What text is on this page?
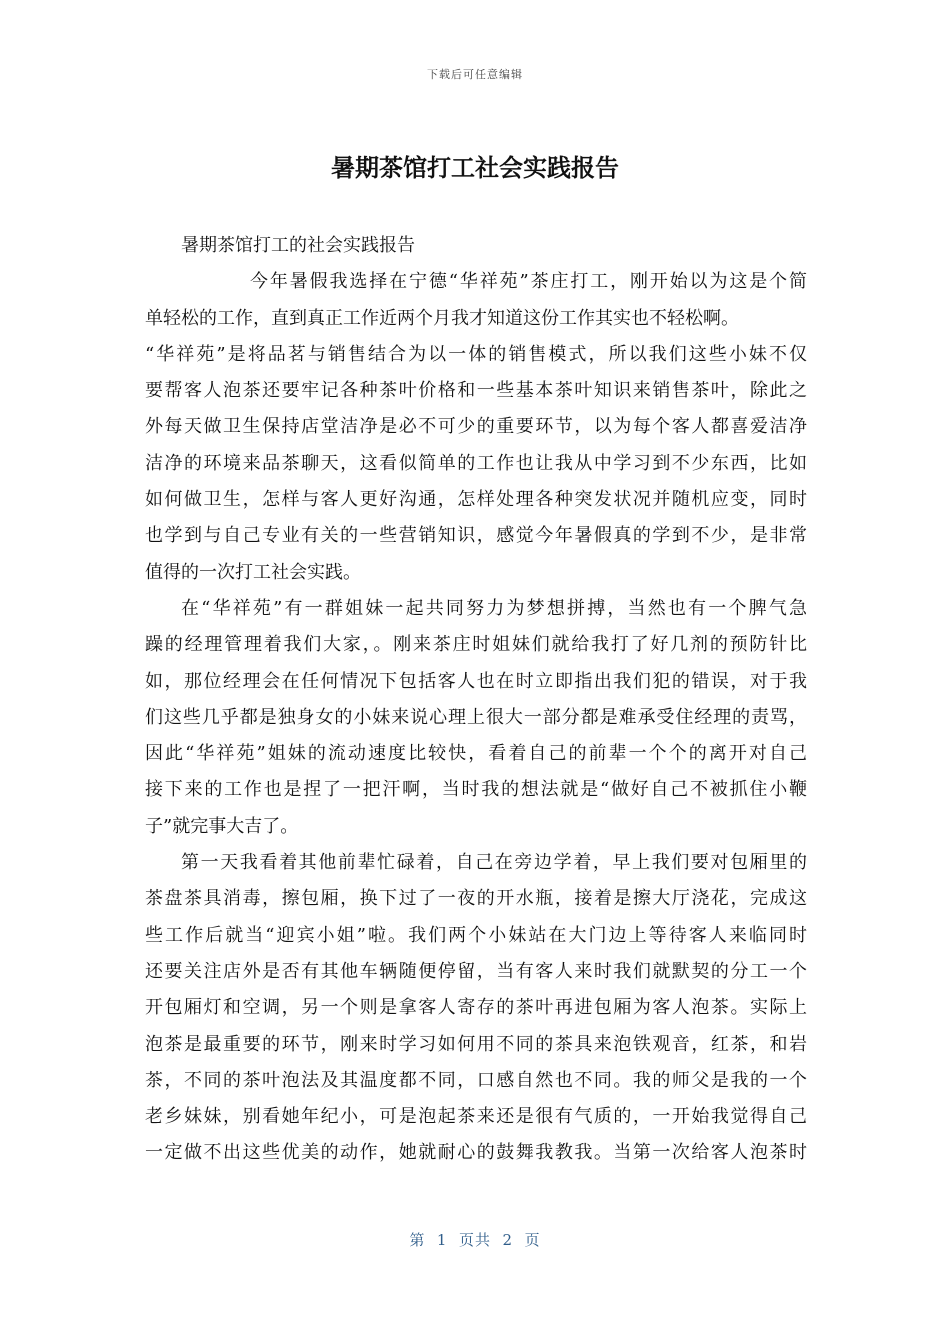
下载后可任意编辑
暑期茶馆打工社会实践报告
暑期茶馆打工的社会实践报告
今年暑假我选择在宁德“华祥苑”茶庄打工，刚开始以为这是个简
单轻松的工作，直到真正工作近两个月我才知道这份工作其实也不轻松啊。
“华祥苑”是将品茗与销售结合为以一体的销售模式，所以我们这些小妹不仅
要帮客人泡茶还要牢记各种茶叶价格和一些基本茶叶知识来销售茶叶，除此之
外每天做卫生保持店堂洁净是必不可少的重要环节，以为每个客人都喜爱洁净
洁净的环境来品茶聊天，这看似简单的工作也让我从中学习到不少东西，比如
如何做卫生，怎样与客人更好沟通，怎样处理各种突发状况并随机应变，同时
也学到与自己专业有关的一些营销知识，感觉今年暑假真的学到不少，是非常
值得的一次打工社会实践。
在“华祥苑”有一群姐妹一起共同努力为梦想拼搏，当然也有一个脾气急
躁的经理管理着我们大家，。刚来茶庄时姐妹们就给我打了好几剂的预防针比
如，那位经理会在任何情况下包括客人也在时立即指出我们犯的错误，对于我
们这些几乎都是独身女的小妹来说心理上很大一部分都是难承受住经理的责骂，
因此“华祥苑”姐妹的流动速度比较快，看着自己的前辈一个个的离开对自己
接下来的工作也是捏了一把汗啊，当时我的想法就是“做好自己不被抓住小鞭
子”就完事大吉了。
第一天我看着其他前辈忙碌着，自己在旁边学着，早上我们要对包厢里的
茶盘茶具消毒，擦包厢，换下过了一夜的开水瓶，接着是擦大厅浇花，完成这
些工作后就当“迎宾小姐”啦。我们两个小妹站在大门边上等待客人来临同时
还要关注店外是否有其他车辆随便停留，当有客人来时我们就默契的分工一个
开包厢灯和空调，另一个则是拿客人寄存的茶叶再进包厢为客人泡茶。实际上
泡茶是最重要的环节，刚来时学习如何用不同的茶具来泡铁观音，红茶，和岩
茶，不同的茶叶泡法及其温度都不同，口感自然也不同。我的师父是我的一个
老乡妹妹，别看她年纪小，可是泡起茶来还是很有气质的，一开始我觉得自己
一定做不出这些优美的动作，她就耐心的鼓舞我教我。当第一次给客人泡茶时
第  1  页共  2  页
